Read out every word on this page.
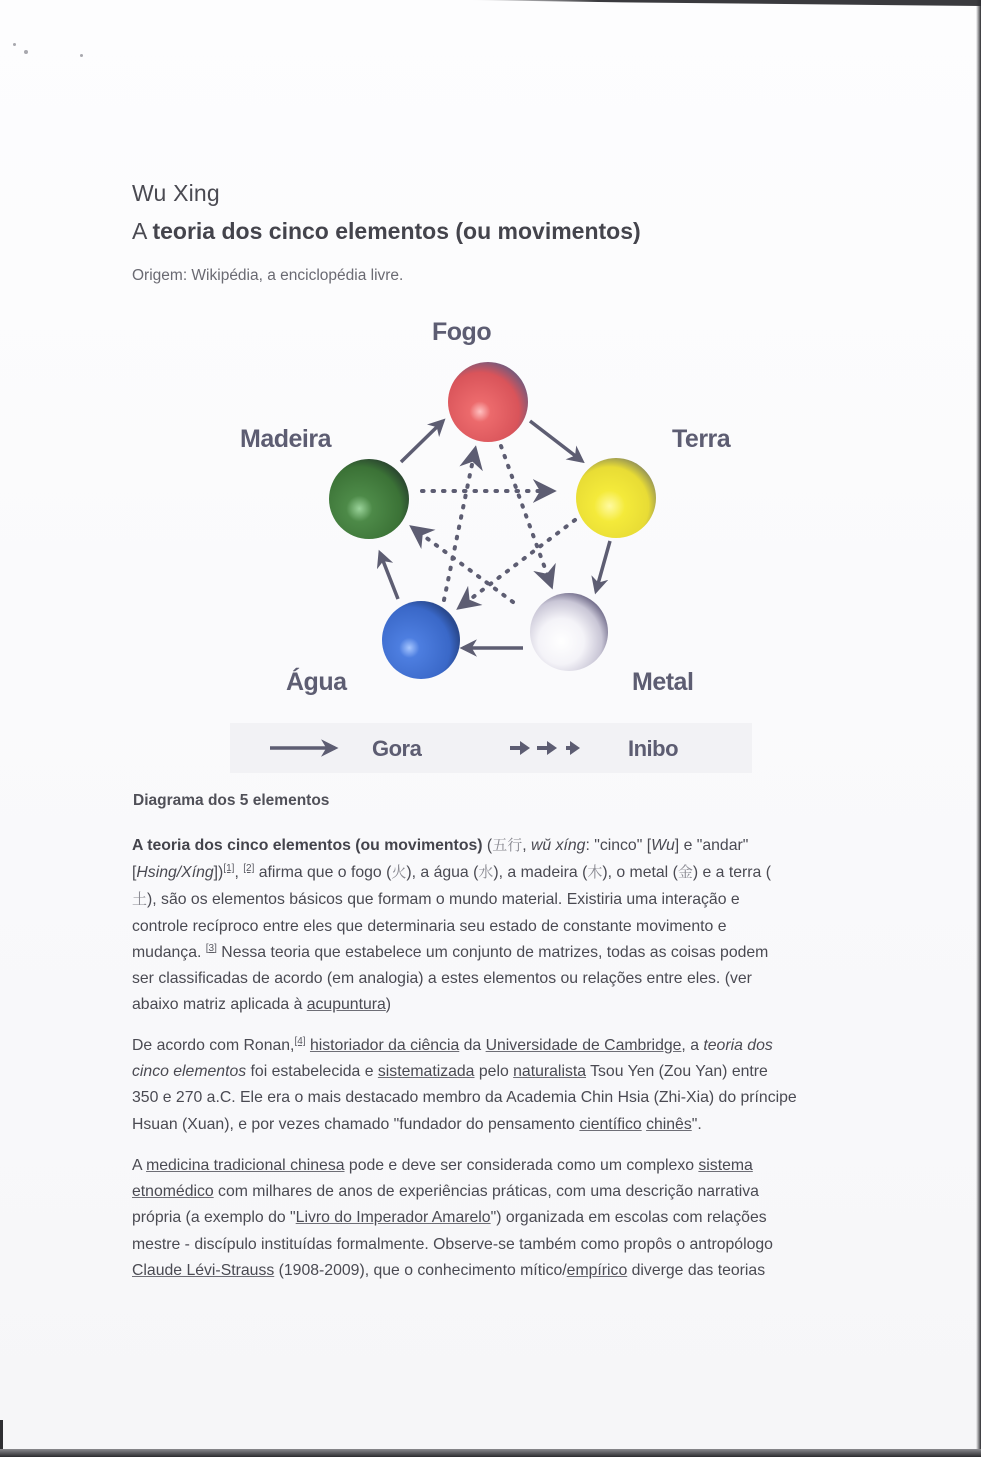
Wu Xing
A teoria dos cinco elementos (ou movimentos)
Origem: Wikipédia, a enciclopédia livre.
Fogo
Terra
Metal
Água
Madeira
Gora	Inibo
Diagrama dos 5 elementos
A teoria dos cinco elementos (ou movimentos) (五行, wŭ xíng: "cinco" [Wu] e "andar"
[Hsing/Xíng])[1], [2] afirma que o fogo (火), a água (水), a madeira (木), o metal (金) e a terra (
土), são os elementos básicos que formam o mundo material. Existiria uma interação e
controle recíproco entre eles que determinaria seu estado de constante movimento e
mudança. [3] Nessa teoria que estabelece um conjunto de matrizes, todas as coisas podem
ser classificadas de acordo (em analogia) a estes elementos ou relações entre eles. (ver
abaixo matriz aplicada à acupuntura)
De acordo com Ronan,[4] historiador da ciência da Universidade de Cambridge, a teoria dos
cinco elementos foi estabelecida e sistematizada pelo naturalista Tsou Yen (Zou Yan) entre
350 e 270 a.C. Ele era o mais destacado membro da Academia Chin Hsia (Zhi-Xia) do príncipe
Hsuan (Xuan), e por vezes chamado "fundador do pensamento científico chinês".
A medicina tradicional chinesa pode e deve ser considerada como um complexo sistema
etnomédico com milhares de anos de experiências práticas, com uma descrição narrativa
própria (a exemplo do "Livro do Imperador Amarelo") organizada em escolas com relações
mestre - discípulo instituídas formalmente. Observe-se também como propôs o antropólogo
Claude Lévi-Strauss (1908-2009), que o conhecimento mítico/empírico diverge das teorias
